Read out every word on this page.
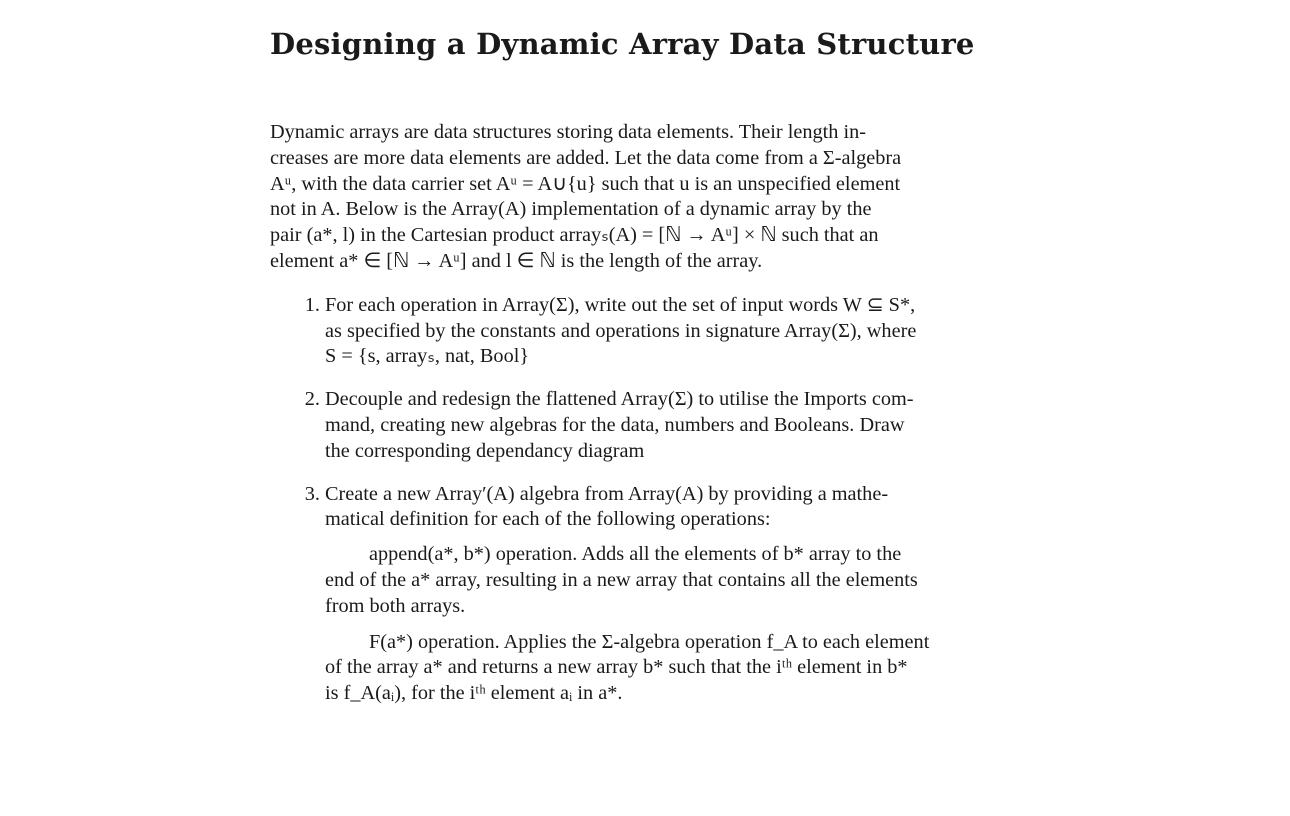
Designing a Dynamic Array Data Structure
Dynamic arrays are data structures storing data elements. Their length in-
creases are more data elements are added. Let the data come from a Σ-algebra
Aᵘ, with the data carrier set Aᵘ = A∪{u} such that u is an unspecified element
not in A. Below is the Array(A) implementation of a dynamic array by the
pair (a*, l) in the Cartesian product arrayₛ(A) = [ℕ → Aᵘ] × ℕ such that an
element a* ∈ [ℕ → Aᵘ] and l ∈ ℕ is the length of the array.
1. For each operation in Array(Σ), write out the set of input words W ⊆ S*,
as specified by the constants and operations in signature Array(Σ), where
S = {s, arrayₛ, nat, Bool}
2. Decouple and redesign the flattened Array(Σ) to utilise the Imports com-
mand, creating new algebras for the data, numbers and Booleans. Draw
the corresponding dependancy diagram
3. Create a new Array′(A) algebra from Array(A) by providing a mathe-
matical definition for each of the following operations:
append(a*, b*) operation. Adds all the elements of b* array to the
end of the a* array, resulting in a new array that contains all the elements
from both arrays.
F(a*) operation. Applies the Σ-algebra operation f_A to each element
of the array a* and returns a new array b* such that the iᵗʰ element in b*
is f_A(aᵢ), for the iᵗʰ element aᵢ in a*.
